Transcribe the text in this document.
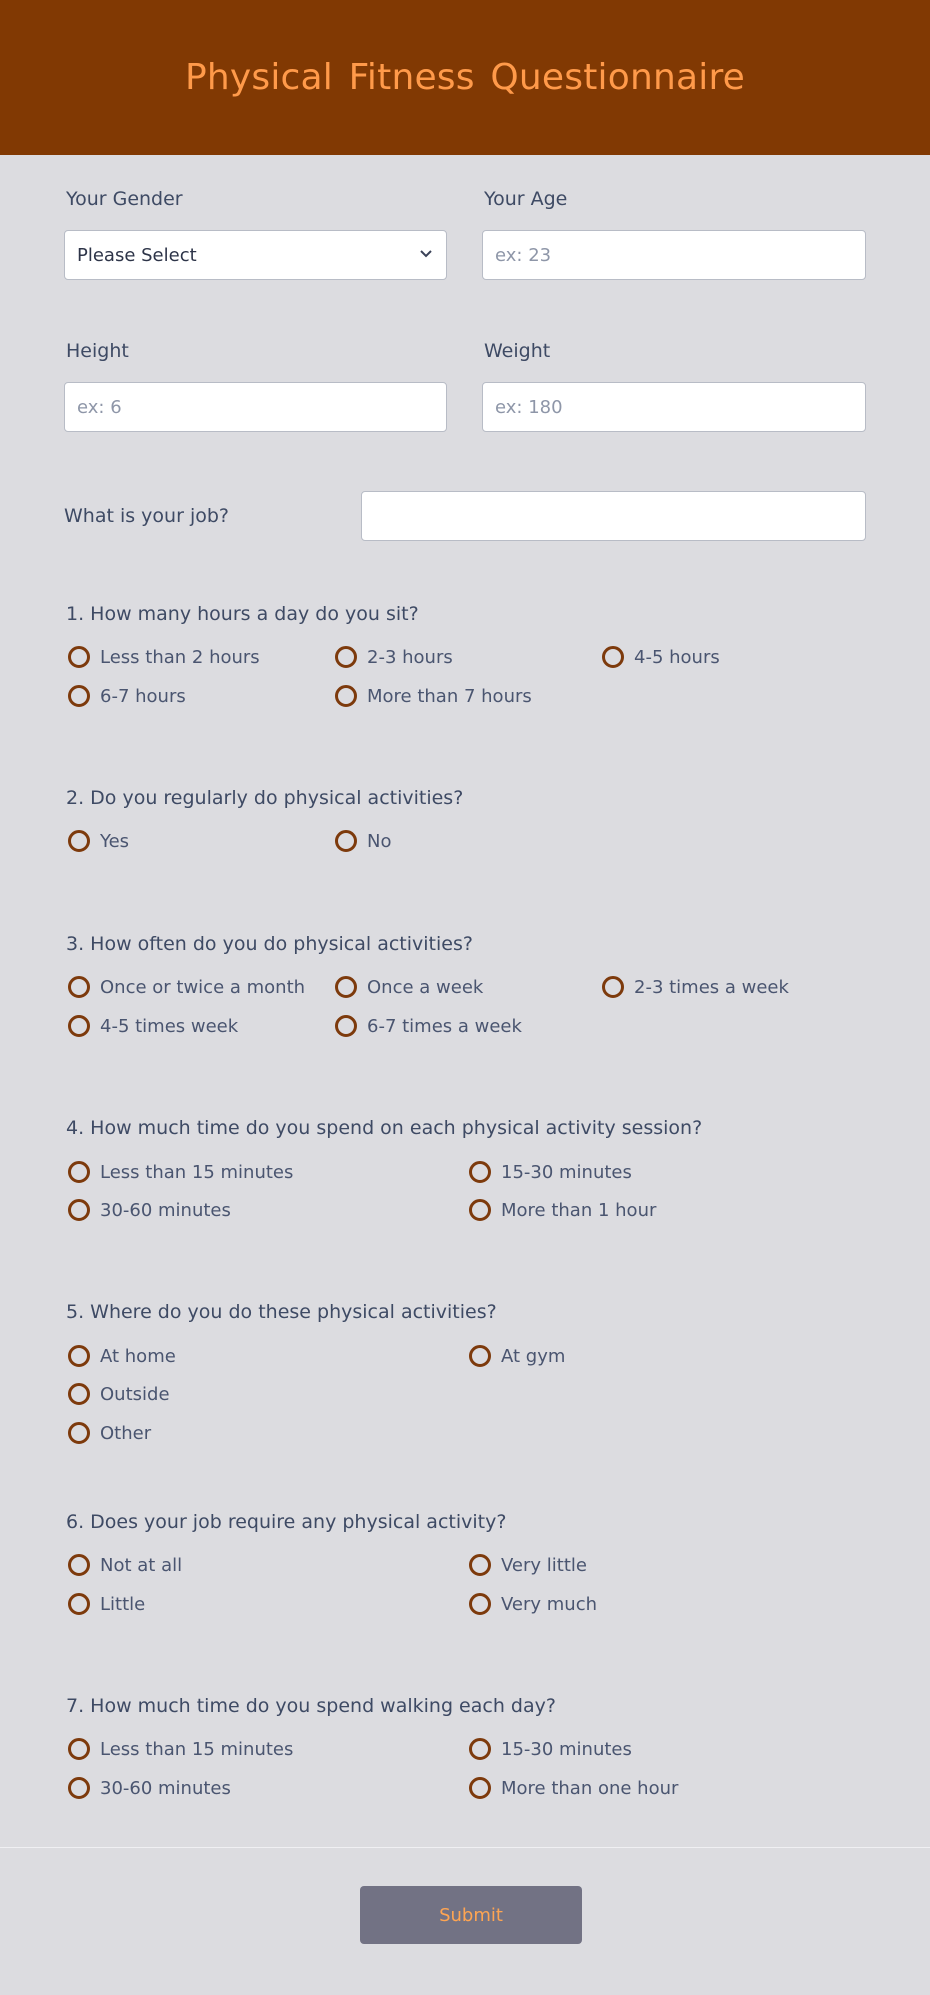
Physical Fitness Questionnaire
Your Gender
Please Select
Your Age
ex: 23
Height
ex: 6	Weight
ex: 180
What is your job?
1. How many hours a day do you sit?
Less than 2 hours	2-3 hours	4-5 hours
6-7 hours	More than 7 hours
2. Do you regularly do physical activities?
Yes	No
3. How often do you do physical activities?
Once or twice a month	Once a week	2-3 times a week
4-5 times week	6-7 times a week
4. How much time do you spend on each physical activity session?
Less than 15 minutes	15-30 minutes
30-60 minutes	More than 1 hour
5. Where do you do these physical activities?
At home	At gym
Outside
Other
6. Does your job require any physical activity?
Not at all	Very little
Little	Very much
7. How much time do you spend walking each day?
Less than 15 minutes	15-30 minutes
30-60 minutes	More than one hour
Submit
